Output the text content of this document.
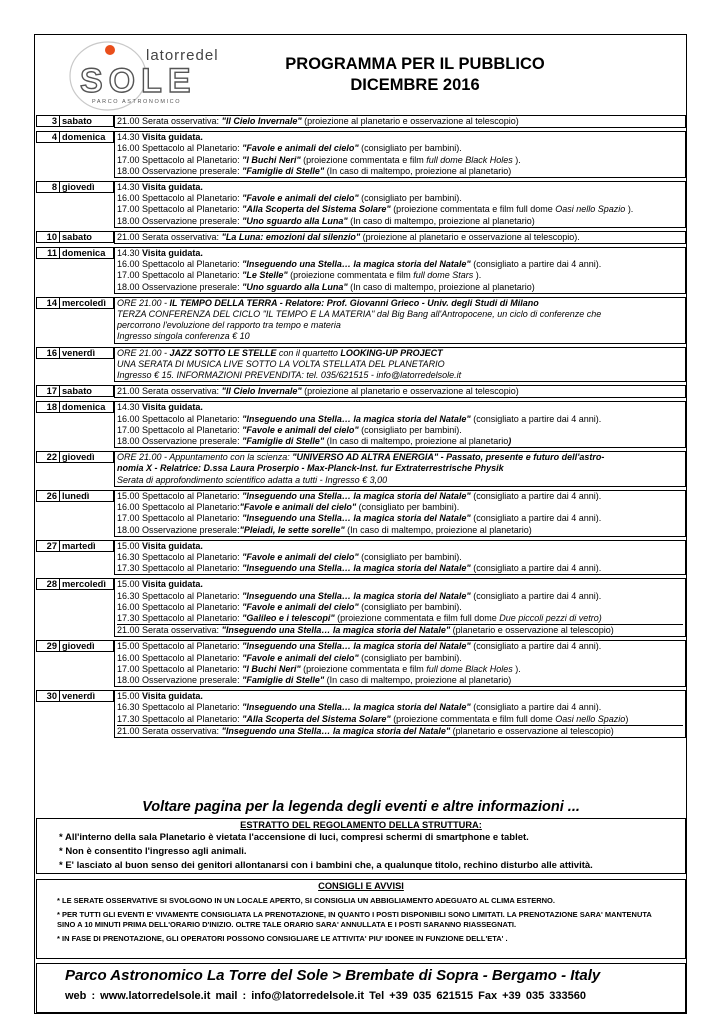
latorredel
SOLE
PARCO ASTRONOMICO
PROGRAMMA PER IL PUBBLICO
DICEMBRE 2016
3 sabato	21.00 Serata osservativa: "Il Cielo Invernale" (proiezione al planetario e osservazione al telescopio)
4 domenica 14.30 Visita guidata.
16.00 Spettacolo al Planetario: "Favole e animali del cielo" (consigliato per bambini).
17.00 Spettacolo al Planetario: "I Buchi Neri" (proiezione commentata e film full dome Black Holes ).
18.00 Osservazione preserale: "Famiglie di Stelle" (In caso di maltempo, proiezione al planetario)
8 giovedì 14.30 Visita guidata.
16.00 Spettacolo al Planetario: "Favole e animali del cielo" (consigliato per bambini).
17.00 Spettacolo al Planetario: "Alla Scoperta del Sistema Solare" (proiezione commentata e film full dome Oasi nello Spazio ).
18.00 Osservazione preserale: "Uno sguardo alla Luna" (In caso di maltempo, proiezione al planetario)
10 sabato	21.00 Serata osservativa: "La Luna: emozioni dal silenzio" (proiezione al planetario e osservazione al telescopio).
11 domenica 14.30 Visita guidata.
16.00 Spettacolo al Planetario: "Inseguendo una Stella… la magica storia del Natale" (consigliato a partire dai 4 anni).
17.00 Spettacolo al Planetario: "Le Stelle" (proiezione commentata e film full dome Stars ).
18.00 Osservazione preserale: "Uno sguardo alla Luna" (In caso di maltempo, proiezione al planetario)
14 mercoledì ORE 21.00 - IL TEMPO DELLA TERRA - Relatore: Prof. Giovanni Grieco - Univ. degli Studi di Milano
TERZA CONFERENZA DEL CICLO "IL TEMPO E LA MATERIA" dal Big Bang all'Antropocene, un ciclo di conferenze che
percorrono l'evoluzione del rapporto tra tempo e materia
Ingresso singola conferenza € 10
16 venerdì ORE 21.00 - JAZZ SOTTO LE STELLE con il quartetto LOOKING-UP PROJECT
UNA SERATA DI MUSICA LIVE SOTTO LA VOLTA STELLATA DEL PLANETARIO
Ingresso € 15. INFORMAZIONI PREVENDITA: tel. 035/621515 - info@latorredelsole.it
17 sabato	21.00 Serata osservativa: "Il Cielo Invernale" (proiezione al planetario e osservazione al telescopio)
18 domenica 14.30 Visita guidata.
16.00 Spettacolo al Planetario: "Inseguendo una Stella… la magica storia del Natale" (consigliato a partire dai 4 anni).
17.00 Spettacolo al Planetario: "Favole e animali del cielo" (consigliato per bambini).
18.00 Osservazione preserale: "Famiglie di Stelle" (In caso di maltempo, proiezione al planetario)
22 giovedì ORE 21.00 - Appuntamento con la scienza: "UNIVERSO AD ALTRA ENERGIA" - Passato, presente e futuro dell'astro-
nomia X - Relatrice: D.ssa Laura Proserpio - Max-Planck-Inst. fur Extraterrestrische Physik
Serata di approfondimento scientifico adatta a tutti - Ingresso € 3,00
26 lunedì	15.00 Spettacolo al Planetario: "Inseguendo una Stella… la magica storia del Natale" (consigliato a partire dai 4 anni).
16.00 Spettacolo al Planetario:"Favole e animali del cielo" (consigliato per bambini).
17.00 Spettacolo al Planetario: "Inseguendo una Stella… la magica storia del Natale" (consigliato a partire dai 4 anni).
18.00 Osservazione preserale:"Pleiadi, le sette sorelle" (In caso di maltempo, proiezione al planetario)
27 martedì 15.00 Visita guidata.
16.30 Spettacolo al Planetario: "Favole e animali del cielo" (consigliato per bambini).
17.30 Spettacolo al Planetario: "Inseguendo una Stella… la magica storia del Natale" (consigliato a partire dai 4 anni).
28 mercoledì 15.00 Visita guidata.
16.30 Spettacolo al Planetario: "Inseguendo una Stella… la magica storia del Natale" (consigliato a partire dai 4 anni).
16.00 Spettacolo al Planetario: "Favole e animali del cielo" (consigliato per bambini).
17.30 Spettacolo al Planetario: "Galileo e i telescopi" (proiezione commentata e film full dome Due piccoli pezzi di vetro)
21.00 Serata osservativa: "Inseguendo una Stella… la magica storia del Natale" (planetario e osservazione al telescopio)
29 giovedì 15.00 Spettacolo al Planetario: "Inseguendo una Stella… la magica storia del Natale" (consigliato a partire dai 4 anni).
16.00 Spettacolo al Planetario: "Favole e animali del cielo" (consigliato per bambini).
17.00 Spettacolo al Planetario: "I Buchi Neri" (proiezione commentata e film full dome Black Holes ).
18.00 Osservazione preserale: "Famiglie di Stelle" (In caso di maltempo, proiezione al planetario)
30 venerdì 15.00 Visita guidata.
16.30 Spettacolo al Planetario: "Inseguendo una Stella… la magica storia del Natale" (consigliato a partire dai 4 anni).
17.30 Spettacolo al Planetario: "Alla Scoperta del Sistema Solare" (proiezione commentata e film full dome Oasi nello Spazio)
21.00 Serata osservativa: "Inseguendo una Stella… la magica storia del Natale" (planetario e osservazione al telescopio)
Voltare pagina per la legenda degli eventi e altre informazioni ...
ESTRATTO DEL REGOLAMENTO DELLA STRUTTURA:
* All'interno della sala Planetario è vietata l'accensione di luci, compresi schermi di smartphone e tablet.
* Non è consentito l'ingresso agli animali.
* E' lasciato al buon senso dei genitori allontanarsi con i bambini che, a qualunque titolo, rechino disturbo alle attività.
CONSIGLI E AVVISI
* LE SERATE OSSERVATIVE SI SVOLGONO IN UN LOCALE APERTO, SI CONSIGLIA UN ABBIGLIAMENTO ADEGUATO AL CLIMA ESTERNO.
* PER TUTTI GLI EVENTI E' VIVAMENTE CONSIGLIATA LA PRENOTAZIONE, IN QUANTO I POSTI DISPONIBILI SONO LIMITATI. LA PRENOTAZIONE SARA' MANTENUTA SINO A 10 MINUTI PRIMA DELL'ORARIO D'INIZIO. OLTRE TALE ORARIO SARA' ANNULLATA E I POSTI SARANNO RIASSEGNATI.
* IN FASE DI PRENOTAZIONE, GLI OPERATORI POSSONO CONSIGLIARE LE ATTIVITA' PIU' IDONEE IN FUNZIONE DELL'ETA' .
Parco Astronomico La Torre del Sole > Brembate di Sopra - Bergamo - Italy
web : www.latorredelsole.it mail : info@latorredelsole.it Tel +39 035 621515 Fax +39 035 333560
